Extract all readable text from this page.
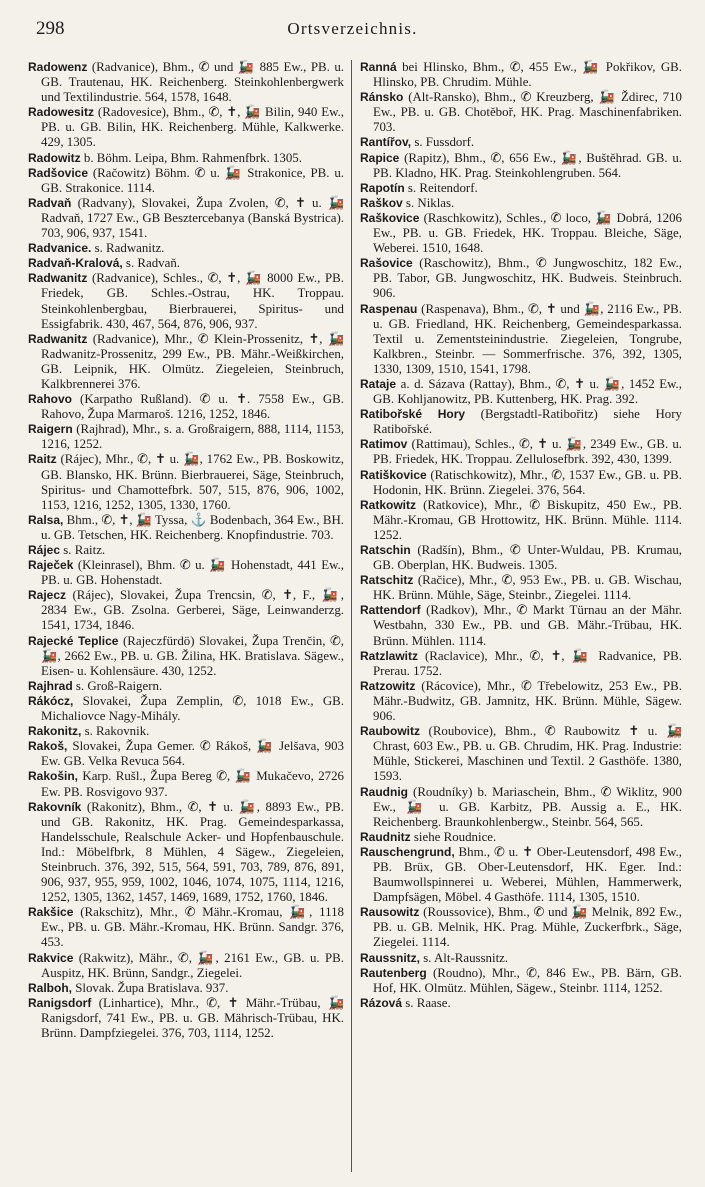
298	Ortsverzeichnis.

Radowenz (Radvanice), Bhm., ✆ und 🚂 885 Ew., PB. u. GB. Trautenau, HK. Reichenberg. Steinkohlenbergwerk und Textilindustrie. 564, 1578, 1648.

Radowesitz (Radovesice), Bhm., ✆, ✝, 🚂 Bilin, 940 Ew., PB. u. GB. Bilin, HK. Reichenberg. Mühle, Kalkwerke. 429, 1305.

Radowitz b. Böhm. Leipa, Bhm. Rahmenfbrk. 1305.

Radšovice (Račowitz) Böhm. ✆ u. 🚂 Strakonice, PB. u. GB. Strakonice. 1114.

Radvaň (Radvany), Slovakei, Župa Zvolen, ✆, ✝ u. 🚂 Radvaň, 1727 Ew., GB Besztercebanya (Banská Bystrica). 703, 906, 937, 1541.

Radvanice. s. Radwanitz.

Radvaň-Kralová, s. Radvaň.

Radwanitz (Radvanice), Schles., ✆, ✝, 🚂 8000 Ew., PB. Friedek, GB. Schles.-Ostrau, HK. Troppau. Steinkohlenbergbau, Bierbrauerei, Spiritus- und Essigfabrik. 430, 467, 564, 876, 906, 937.

Radwanitz (Radvanice), Mhr., ✆ Klein-Prossenitz, ✝, 🚂 Radwanitz-Prossenitz, 299 Ew., PB. Mähr.-Weißkirchen, GB. Leipnik, HK. Olmütz. Ziegeleien, Steinbruch, Kalkbrennerei 376.

Rahovo (Karpatho Rußland). ✆ u. ✝. 7558 Ew., GB. Rahovo, Župa Marmaroš. 1216, 1252, 1846.

Raigern (Rajhrad), Mhr., s. a. Großraigern, 888, 1114, 1153, 1216, 1252.

Raitz (Rájec), Mhr., ✆, ✝ u. 🚂, 1762 Ew., PB. Boskowitz, GB. Blansko, HK. Brünn. Bierbrauerei, Säge, Steinbruch, Spiritus- und Chamottefbrk. 507, 515, 876, 906, 1002, 1153, 1216, 1252, 1305, 1330, 1760.

Ralsa, Bhm., ✆, ✝, 🚂 Tyssa, ⚓ Bodenbach, 364 Ew., BH. u. GB. Tetschen, HK. Reichenberg. Knopfindustrie. 703.

Rájec s. Raitz.

Raječek (Kleinrasel), Bhm. ✆ u. 🚂 Hohenstadt, 441 Ew., PB. u. GB. Hohenstadt.

Rajecz (Rájec), Slovakei, Župa Trencsin, ✆, ✝, F., 🚂, 2834 Ew., GB. Zsolna. Gerberei, Säge, Leinwanderzg. 1541, 1734, 1846.

Rajecké Teplice (Rajeczfürdö) Slovakei, Župa Trenčin, ✆, 🚂, 2662 Ew., PB. u. GB. Žilina, HK. Bratislava. Sägew., Eisen- u. Kohlensäure. 430, 1252.

Rajhrad s. Groß-Raigern.

Rákócz, Slovakei, Župa Zemplin, ✆, 1018 Ew., GB. Michaliovce Nagy-Mihály.

Rakonitz, s. Rakovnik.

Rakoš, Slovakei, Župa Gemer. ✆ Rákoš, 🚂 Jelšava, 903 Ew. GB. Velka Revuca 564.

Rakošin, Karp. Rušl., Župa Bereg ✆, 🚂 Mukačevo, 2726 Ew. PB. Rosvigovo 937.

Rakovník (Rakonitz), Bhm., ✆, ✝ u. 🚂, 8893 Ew., PB. und GB. Rakonitz, HK. Prag. Gemeindesparkassa, Handelsschule, Realschule Acker- und Hopfenbauschule. Ind.: Möbelfbrk, 8 Mühlen, 4 Sägew., Ziegeleien, Steinbruch. 376, 392, 515, 564, 591, 703, 789, 876, 891, 906, 937, 955, 959, 1002, 1046, 1074, 1075, 1114, 1216, 1252, 1305, 1362, 1457, 1469, 1689, 1752, 1760, 1846.

Rakšice (Rakschitz), Mhr., ✆ Mähr.-Kromau, 🚂, 1118 Ew., PB. u. GB. Mähr.-Kromau, HK. Brünn. Sandgr. 376, 453.

Rakvice (Rakwitz), Mähr., ✆, 🚂, 2161 Ew., GB. u. PB. Auspitz, HK. Brünn, Sandgr., Ziegelei.

Ralboh, Slovak. Župa Bratislava. 937.

Ranigsdorf (Linhartice), Mhr., ✆, ✝ Mähr.-Trübau, 🚂 Ranigsdorf, 741 Ew., PB. u. GB. Mährisch-Trübau, HK. Brünn. Dampfziegelei. 376, 703, 1114, 1252.

Ranná bei Hlinsko, Bhm., ✆, 455 Ew., 🚂 Pokřikov, GB. Hlinsko, PB. Chrudim. Mühle.

Ránsko (Alt-Ransko), Bhm., ✆ Kreuzberg, 🚂 Ždirec, 710 Ew., PB. u. GB. Chotěboř, HK. Prag. Maschinenfabriken. 703.

Rantířov, s. Fussdorf.

Rapice (Rapitz), Bhm., ✆, 656 Ew., 🚂, Buštěhrad. GB. u. PB. Kladno, HK. Prag. Steinkohlengruben. 564.

Rapotín s. Reitendorf.

Raškov s. Niklas.

Raškovice (Raschkowitz), Schles., ✆ loco, 🚂 Dobrá, 1206 Ew., PB. u. GB. Friedek, HK. Troppau. Bleiche, Säge, Weberei. 1510, 1648.

Rašovice (Raschowitz), Bhm., ✆ Jungwoschitz, 182 Ew., PB. Tabor, GB. Jungwoschitz, HK. Budweis. Steinbruch. 906.

Raspenau (Raspenava), Bhm., ✆, ✝ und 🚂, 2116 Ew., PB. u. GB. Friedland, HK. Reichenberg, Gemeindesparkassa. Textil u. Zementsteinindustrie. Ziegeleien, Tongrube, Kalkbren., Steinbr. — Sommerfrische. 376, 392, 1305, 1330, 1309, 1510, 1541, 1798.

Rataje a. d. Sázava (Rattay), Bhm., ✆, ✝ u. 🚂, 1452 Ew., GB. Kohljanowitz, PB. Kuttenberg, HK. Prag. 392.

Ratibořské Hory (Bergstadtl-Ratibořitz) siehe Hory Ratibořské.

Ratimov (Rattimau), Schles., ✆, ✝ u. 🚂, 2349 Ew., GB. u. PB. Friedek, HK. Troppau. Zellulosefbrk. 392, 430, 1399.

Ratiškovice (Ratischkowitz), Mhr., ✆, 1537 Ew., GB. u. PB. Hodonin, HK. Brünn. Ziegelei. 376, 564.

Ratkowitz (Ratkovice), Mhr., ✆ Biskupitz, 450 Ew., PB. Mähr.-Kromau, GB Hrottowitz, HK. Brünn. Mühle. 1114. 1252.

Ratschin (Radšín), Bhm., ✆ Unter-Wuldau, PB. Krumau, GB. Oberplan, HK. Budweis. 1305.

Ratschitz (Račice), Mhr., ✆, 953 Ew., PB. u. GB. Wischau, HK. Brünn. Mühle, Säge, Steinbr., Ziegelei. 1114.

Rattendorf (Radkov), Mhr., ✆ Markt Türnau an der Mähr. Westbahn, 330 Ew., PB. und GB. Mähr.-Trübau, HK. Brünn. Mühlen. 1114.

Ratzlawitz (Raclavice), Mhr., ✆, ✝, 🚂 Radvanice, PB. Prerau. 1752.

Ratzowitz (Rácovice), Mhr., ✆ Třebelowitz, 253 Ew., PB. Mähr.-Budwitz, GB. Jamnitz, HK. Brünn. Mühle, Sägew. 906.

Raubowitz (Roubovice), Bhm., ✆ Raubowitz ✝ u. 🚂 Chrast, 603 Ew., PB. u. GB. Chrudim, HK. Prag. Industrie: Mühle, Stickerei, Maschinen und Textil. 2 Gasthöfe. 1380, 1593.

Raudnig (Roudníky) b. Mariaschein, Bhm., ✆ Wiklitz, 900 Ew., 🚂 u. GB. Karbitz, PB. Aussig a. E., HK. Reichenberg. Braunkohlenbergw., Steinbr. 564, 565.

Raudnitz siehe Roudnice.

Rauschengrund, Bhm., ✆ u. ✝ Ober-Leutensdorf, 498 Ew., PB. Brüx, GB. Ober-Leutensdorf, HK. Eger. Ind.: Baumwollspinnerei u. Weberei, Mühlen, Hammerwerk, Dampfsägen, Möbel. 4 Gasthöfe. 1114, 1305, 1510.

Rausowitz (Roussovice), Bhm., ✆ und 🚂 Melnik, 892 Ew., PB. u. GB. Melnik, HK. Prag. Mühle, Zuckerfbrk., Säge, Ziegelei. 1114.

Raussnitz, s. Alt-Raussnitz.

Rautenberg (Roudno), Mhr., ✆, 846 Ew., PB. Bärn, GB. Hof, HK. Olmütz. Mühlen, Sägew., Steinbr. 1114, 1252.

Rázová s. Raase.
